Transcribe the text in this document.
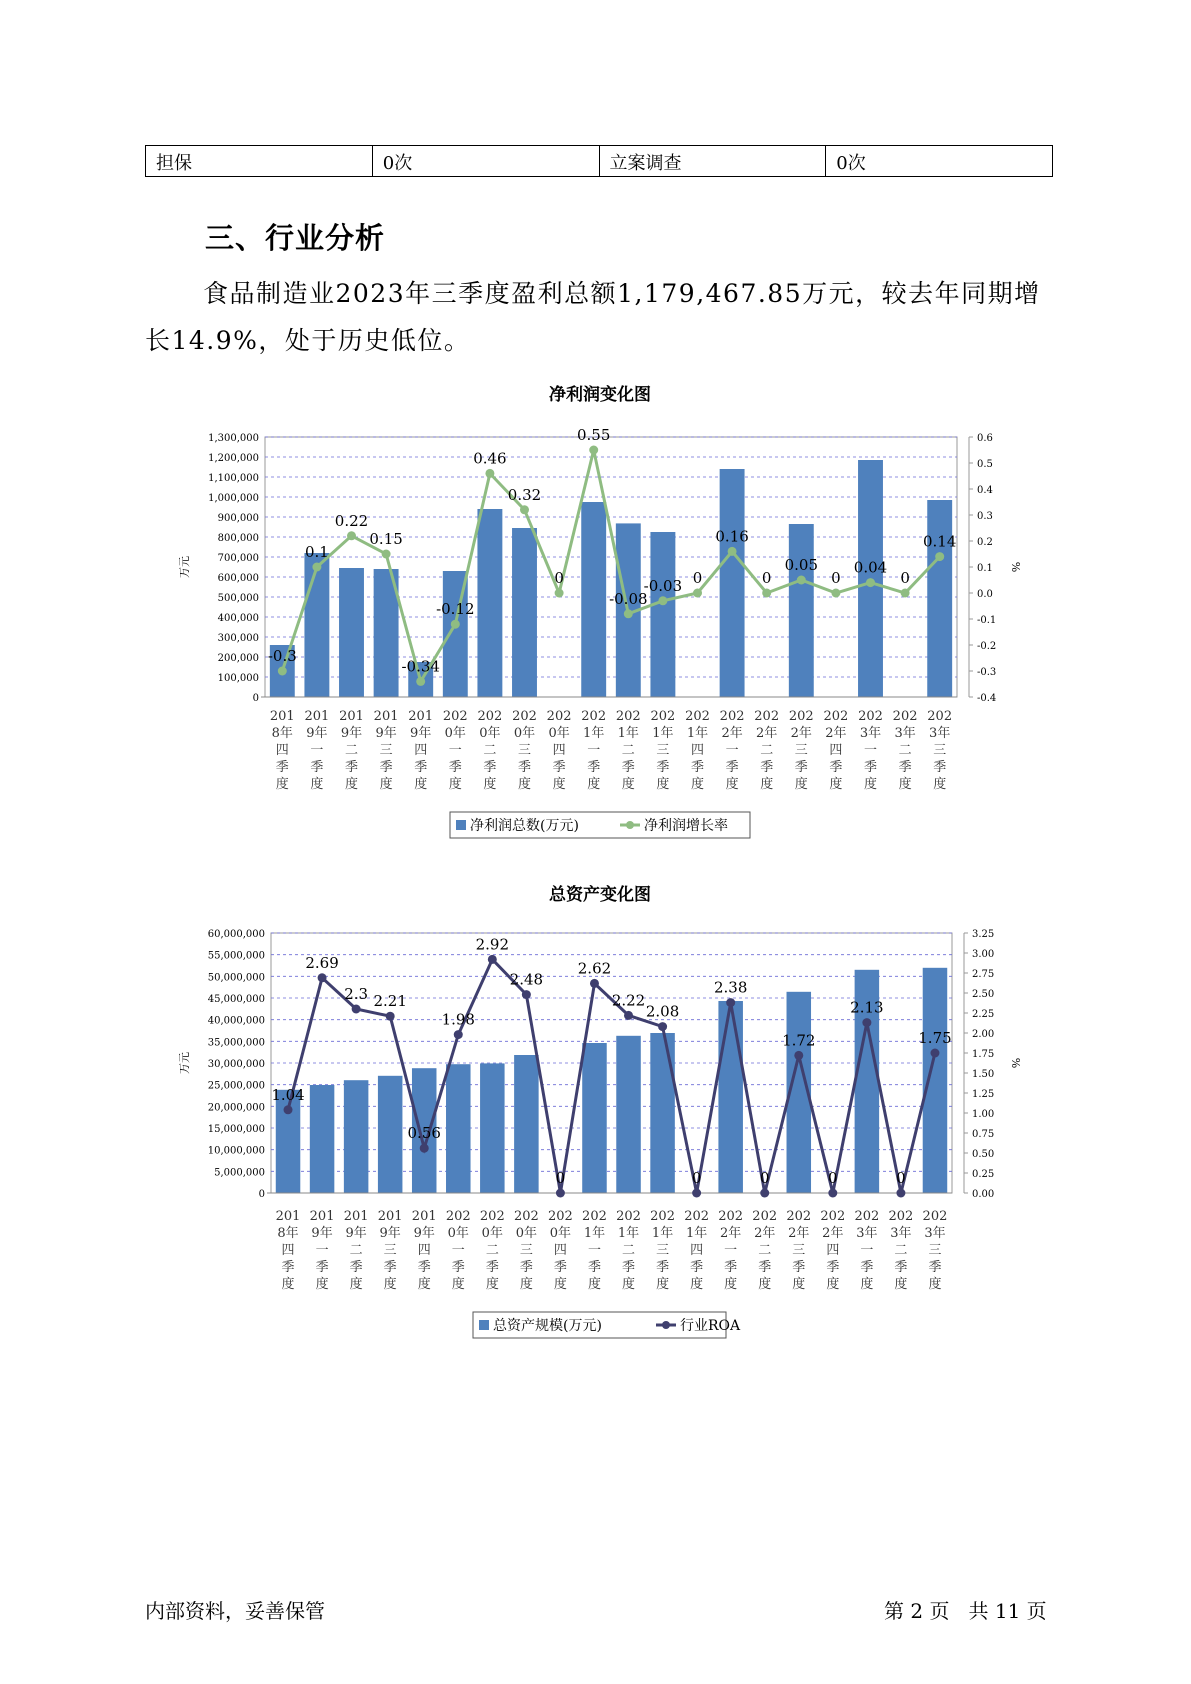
担保	0次	立案调查	0次
三、行业分析

食品制造业2023年三季度盈利总额1,179,467.85万元，较去年同期增长14.9%，处于历史低位。

净利润变化图
0
100,000
200,000
300,000
400,000
500,000
600,000
700,000
800,000
900,000
1,000,000
1,100,000
1,200,000
1,300,000
-0.4
-0.3
-0.2
-0.1
0.0
0.1
0.2
0.3
0.4
0.5
0.6
万元	%
-0.3
0.1
0.22
0.15
-0.34
-0.12
0.46
0.32
0
0.55
-0.08
-0.03 0
0.16
0
0.05
0
0.04
0
0.14
201
8年
四
季
度
201
9年
一
季
度
201
9年
二
季
度
201
9年
三
季
度
201
9年
四
季
度
202
0年
一
季
度
202
0年
二
季
度
202
0年
三
季
度
202
0年
四
季
度
202
1年
一
季
度
202
1年
二
季
度
202
1年
三
季
度
202
1年
四
季
度
202
2年
一
季
度
202
2年
二
季
度
202
2年
三
季
度
202
2年
四
季
度
202
3年
一
季
度
202
3年
二
季
度
202
3年
三
季
度
净利润总数(万元)	净利润增长率
总资产变化图
0
5,000,000
10,000,000
15,000,000
20,000,000
25,000,000
30,000,000
35,000,000
40,000,000
45,000,000
50,000,000
55,000,000
60,000,000
0.00
0.25
0.50
0.75
1.00
1.25
1.50
1.75
2.00
2.25
2.50
2.75
3.00
3.25
万元	%
1.04
2.69
2.3 2.21
0.56
1.98
2.92
2.48
0
2.62
2.22
2.08
0
2.38
0
1.72
0
2.13
0
1.75
201
8年
四
季
度
201
9年
一
季
度
201
9年
二
季
度
201
9年
三
季
度
201
9年
四
季
度
202
0年
一
季
度
202
0年
二
季
度
202
0年
三
季
度
202
0年
四
季
度
202
1年
一
季
度
202
1年
二
季
度
202
1年
三
季
度
202
1年
四
季
度
202
2年
一
季
度
202
2年
二
季
度
202
2年
三
季
度
202
2年
四
季
度
202
3年
一
季
度
202
3年
二
季
度
202
3年
三
季
度
总资产规模(万元)	行业ROA
内部资料，妥善保管	第 2 页   共 11 页
